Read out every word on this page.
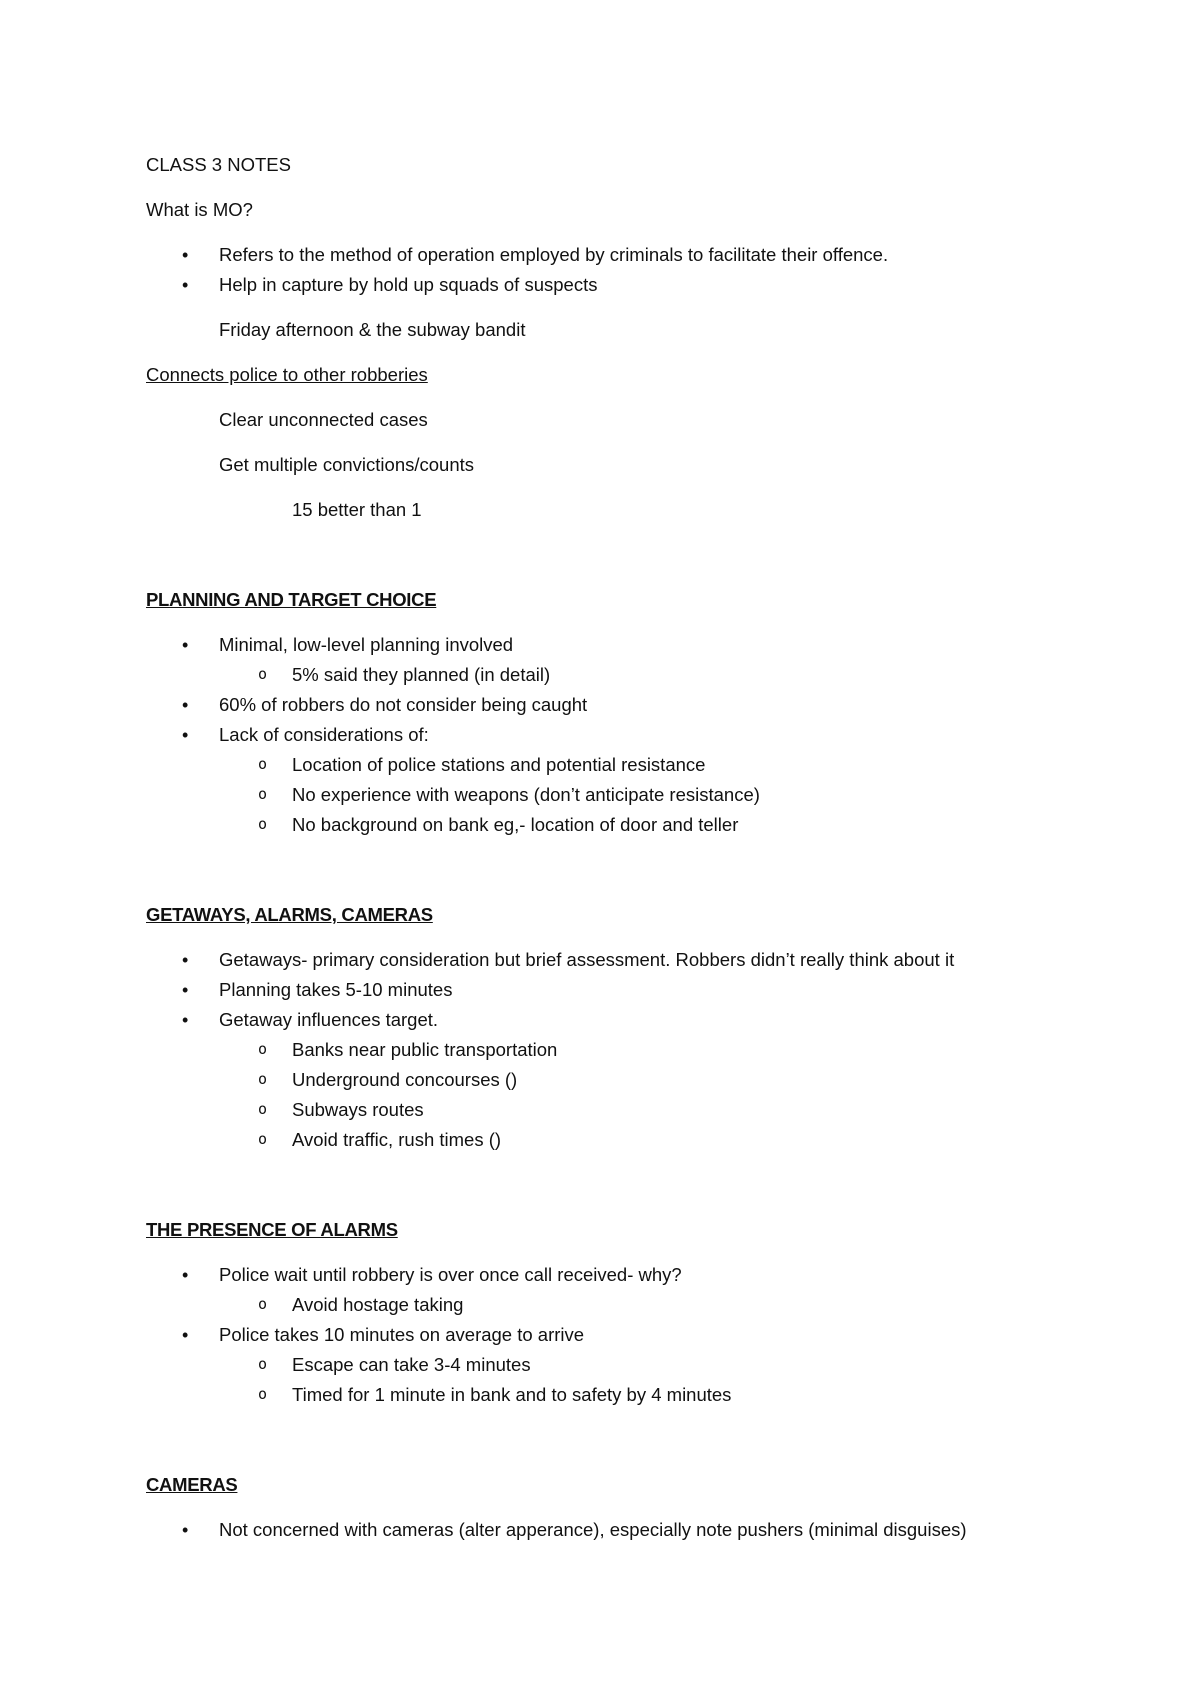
CLASS 3 NOTES
What is MO?
• Refers to the method of operation employed by criminals to facilitate their offence.
• Help in capture by hold up squads of suspects
Friday afternoon & the subway bandit
Connects police to other robberies
Clear unconnected cases
Get multiple convictions/counts
15 better than 1
PLANNING AND TARGET CHOICE
• Minimal, low-level planning involved
o 5% said they planned (in detail)
• 60% of robbers do not consider being caught
• Lack of considerations of:
o Location of police stations and potential resistance
o No experience with weapons (don’t anticipate resistance)
o No background on bank eg,- location of door and teller
GETAWAYS, ALARMS, CAMERAS
• Getaways- primary consideration but brief assessment. Robbers didn’t really think about it
• Planning takes 5-10 minutes
• Getaway influences target.
o Banks near public transportation
o Underground concourses ()
o Subways routes
o Avoid traffic, rush times ()
THE PRESENCE OF ALARMS
• Police wait until robbery is over once call received- why?
o Avoid hostage taking
• Police takes 10 minutes on average to arrive
o Escape can take 3-4 minutes
o Timed for 1 minute in bank and to safety by 4 minutes
CAMERAS
• Not concerned with cameras (alter apperance), especially note pushers (minimal disguises)
